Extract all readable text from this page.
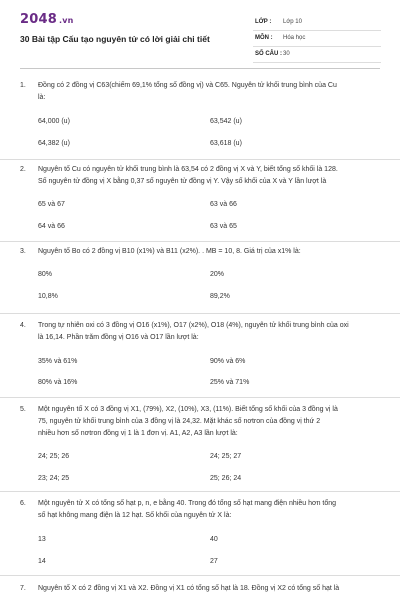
2048 .vn
30 Bài tập Cấu tạo nguyên tử có lời giải chi tiết
LỚP : Lớp 10
MÔN : Hóa học
SỐ CÂU : 30
1. Đồng có 2 đồng vị C63(chiếm 69,1% tổng số đồng vị) và C65. Nguyên tử khối trung bình của Cu
là:
64,000 (u)	63,542 (u)
64,382 (u)	63,618 (u)
2. Nguyên tố Cu có nguyên tử khối trung bình là 63,54 có 2 đồng vị X và Y, biết tổng số khối là 128.
Số nguyên tử đồng vị X bằng 0,37 số nguyên tử đồng vị Y. Vậy số khối của X và Y lần lượt là
65 và 67	63 và 66
64 và 66	63 và 65
3. Nguyên tố Bo có 2 đồng vị B10 (x1%) và B11 (x2%). . MB = 10, 8. Giá trị của x1% là:
80%	20%
10,8%	89,2%
4. Trong tự nhiên oxi có 3 đồng vị O16 (x1%), O17 (x2%), O18 (4%), nguyên tử khối trung bình của oxi
là 16,14. Phần trăm đồng vị O16 và O17 lần lượt là:
35% và 61%	90% và 6%
80% và 16%	25% và 71%
5. Một nguyên tố X có 3 đồng vị X1, (79%), X2, (10%), X3, (11%). Biết tổng số khối của 3 đồng vị là
75, nguyên tử khối trung bình của 3 đồng vị là 24,32. Mặt khác số nơtron của đồng vị thứ 2
nhiều hơn số nơtron đồng vị 1 là 1 đơn vị. A1, A2, A3 lần lượt là:
24; 25; 26	24; 25; 27
23; 24; 25	25; 26; 24
6. Một nguyên tử X có tổng số hạt p, n, e bằng 40. Trong đó tổng số hạt mang điện nhiều hơn tổng
số hạt không mang điện là 12 hạt. Số khối của nguyên tử X là:
13	40
14	27
7. Nguyên tố X có 2 đồng vị X1 và X2. Đồng vị X1 có tổng số hạt là 18. Đồng vị X2 có tổng số hạt là
